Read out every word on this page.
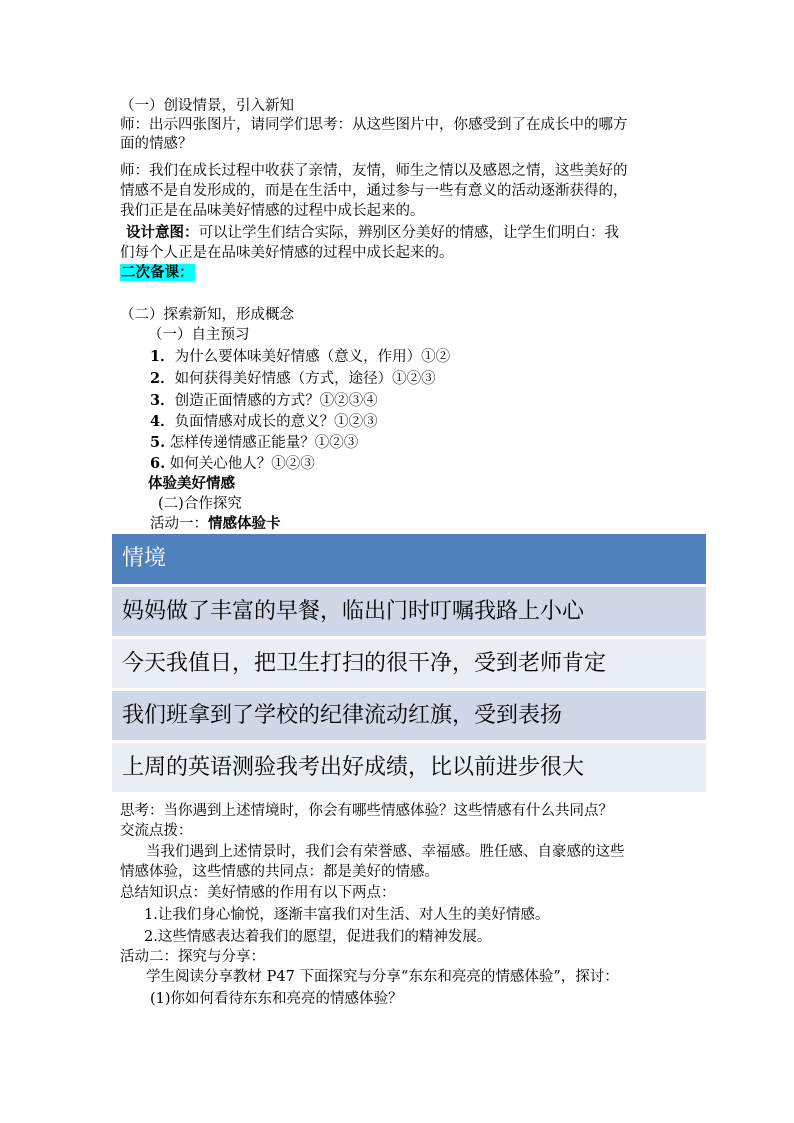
（一）创设情景，引入新知
师：出示四张图片，请同学们思考：从这些图片中，你感受到了在成长中的哪方
面的情感？
师：我们在成长过程中收获了亲情，友情，师生之情以及感恩之情，这些美好的
情感不是自发形成的，而是在生活中，通过参与一些有意义的活动逐渐获得的，
我们正是在品味美好情感的过程中成长起来的。
设计意图：可以让学生们结合实际，辨别区分美好的情感，让学生们明白：我
们每个人正是在品味美好情感的过程中成长起来的。
二次备课：
（二）探索新知，形成概念
（一）自主预习
1．为什么要体味美好情感（意义，作用）①②
2．如何获得美好情感（方式，途径）①②③
3．创造正面情感的方式？①②③④
4．负面情感对成长的意义？①②③
5. 怎样传递情感正能量？①②③
6. 如何关心他人？①②③
体验美好情感
(二)合作探究
活动一：情感体验卡
情境
妈妈做了丰富的早餐，临出门时叮嘱我路上小心
今天我值日，把卫生打扫的很干净，受到老师肯定
我们班拿到了学校的纪律流动红旗，受到表扬
上周的英语测验我考出好成绩，比以前进步很大
思考：当你遇到上述情境时，你会有哪些情感体验？这些情感有什么共同点？
交流点拨：
当我们遇到上述情景时，我们会有荣誉感、幸福感。胜任感、自豪感的这些
情感体验，这些情感的共同点：都是美好的情感。
总结知识点：美好情感的作用有以下两点：
1.让我们身心愉悦，逐渐丰富我们对生活、对人生的美好情感。
2.这些情感表达着我们的愿望，促进我们的精神发展。
活动二：探究与分享：
学生阅读分享教材 P47 下面探究与分享“东东和亮亮的情感体验”，探讨：
(1)你如何看待东东和亮亮的情感体验？
